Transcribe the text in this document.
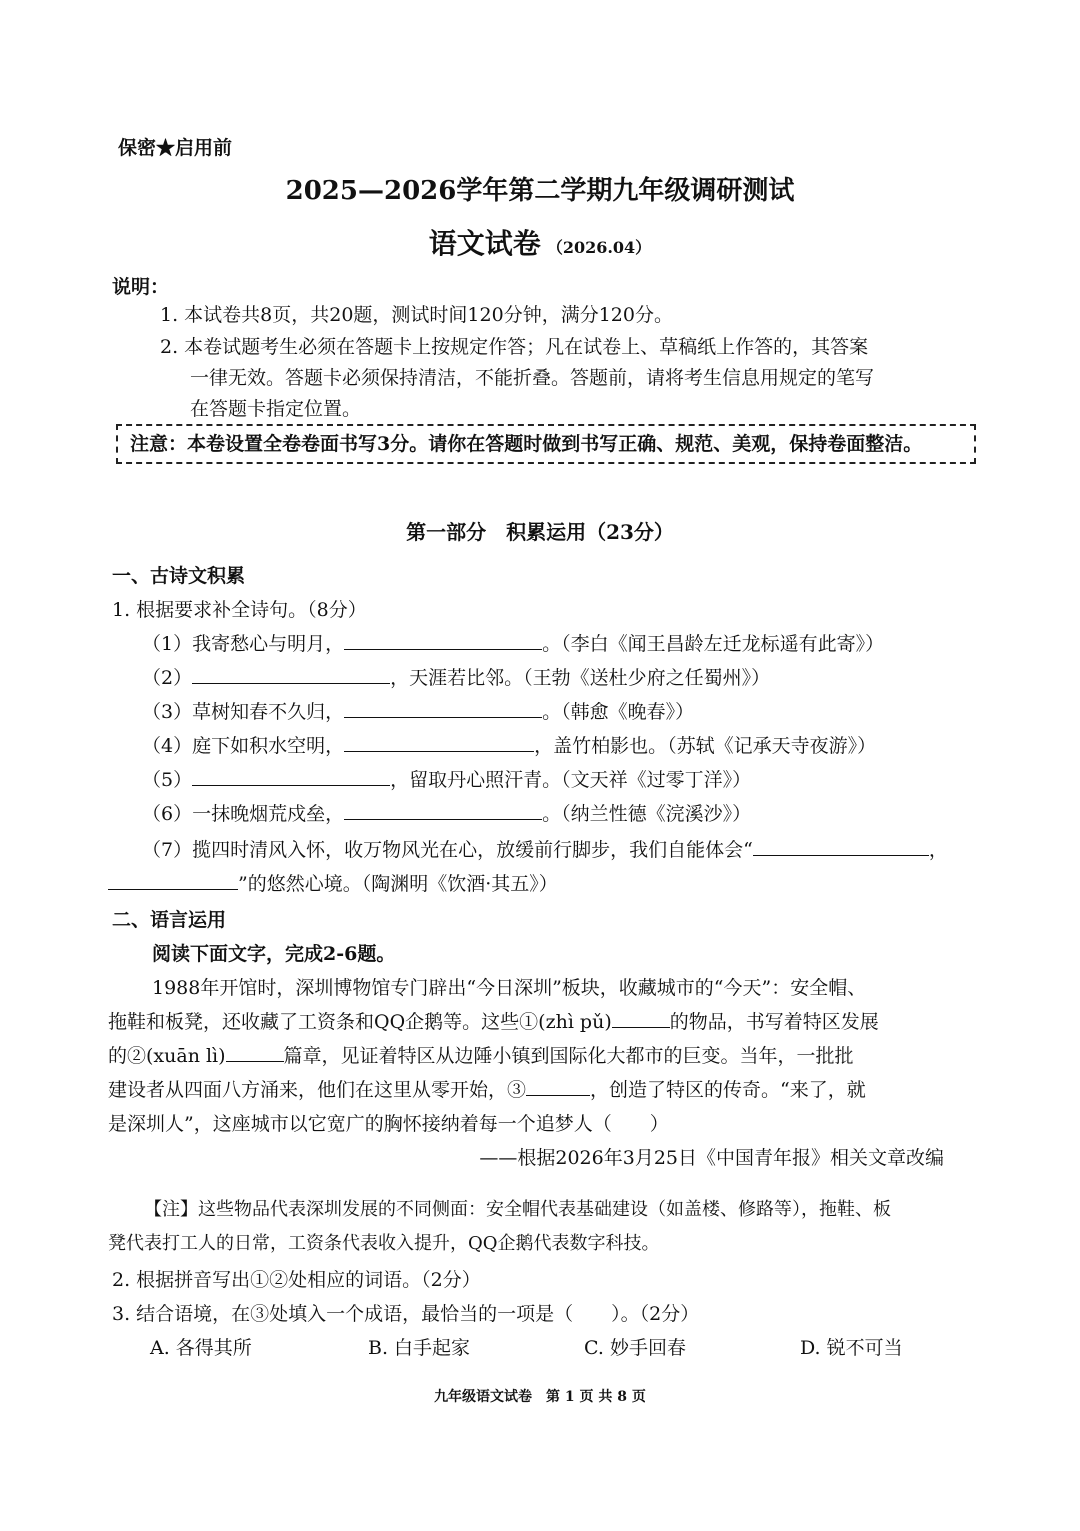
保密★启用前
2025—2026学年第二学期九年级调研测试
语文试卷 （2026.04）
说明：
1. 本试卷共8页，共20题，测试时间120分钟，满分120分。
2. 本卷试题考生必须在答题卡上按规定作答；凡在试卷上、草稿纸上作答的，其答案
一律无效。答题卡必须保持清洁，不能折叠。答题前，请将考生信息用规定的笔写
在答题卡指定位置。
注意：本卷设置全卷卷面书写3分。请你在答题时做到书写正确、规范、美观，保持卷面整洁。
第一部分　积累运用（23分）
一、古诗文积累
1. 根据要求补全诗句。（8分）
（1）我寄愁心与明月，	。（李白《闻王昌龄左迁龙标遥有此寄》）
（2）	，天涯若比邻。（王勃《送杜少府之任蜀州》）
（3）草树知春不久归，	。（韩愈《晚春》）
（4）庭下如积水空明，	，盖竹柏影也。（苏轼《记承天寺夜游》）
（5）	，留取丹心照汗青。（文天祥《过零丁洋》）
（6）一抹晚烟荒戍垒，	。（纳兰性德《浣溪沙》）
（7）揽四时清风入怀，收万物风光在心，放缓前行脚步，我们自能体会“	，
”的悠然心境。（陶渊明《饮酒·其五》）
二、语言运用
阅读下面文字，完成2-6题。
1988年开馆时，深圳博物馆专门辟出“今日深圳”板块，收藏城市的“今天”：安全帽、
拖鞋和板凳，还收藏了工资条和QQ企鹅等。这些①(zhì pǔ)	的物品，书写着特区发展
的②(xuān lì)	篇章，见证着特区从边陲小镇到国际化大都市的巨变。当年，一批批
建设者从四面八方涌来，他们在这里从零开始，③	，创造了特区的传奇。“来了，就
是深圳人”，这座城市以它宽广的胸怀接纳着每一个追梦人（　　）
——根据2026年3月25日《中国青年报》相关文章改编
【注】这些物品代表深圳发展的不同侧面：安全帽代表基础建设（如盖楼、修路等），拖鞋、板
凳代表打工人的日常，工资条代表收入提升，QQ企鹅代表数字科技。
2. 根据拼音写出①②处相应的词语。（2分）
3. 结合语境，在③处填入一个成语，最恰当的一项是（　　）。（2分）
A. 各得其所	B. 白手起家	C. 妙手回春	D. 锐不可当
九年级语文试卷　第 1 页 共 8 页
